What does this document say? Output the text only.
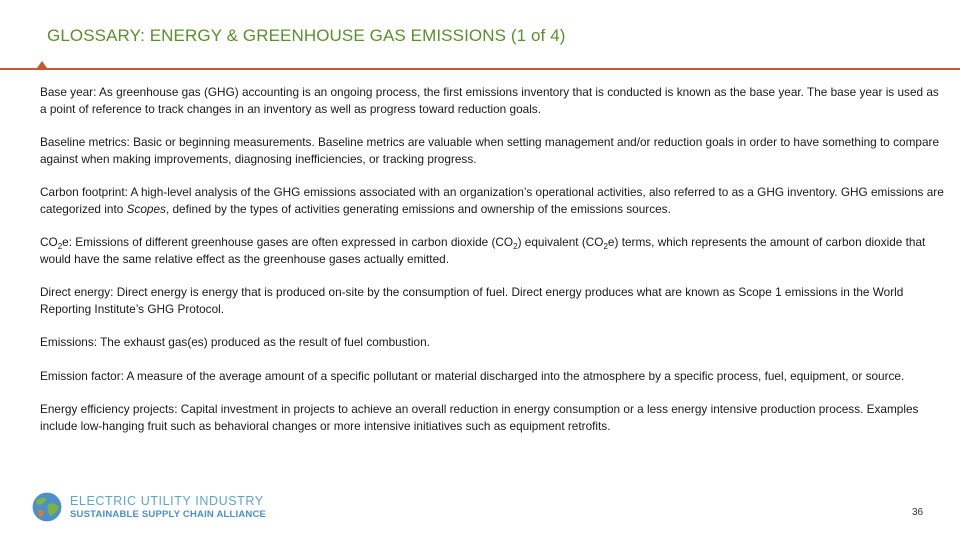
GLOSSARY: ENERGY & GREENHOUSE GAS EMISSIONS (1 of 4)

Base year: As greenhouse gas (GHG) accounting is an ongoing process, the first emissions inventory that is conducted is known as the base year. The base year is used as a point of reference to track changes in an inventory as well as progress toward reduction goals.

Baseline metrics: Basic or beginning measurements. Baseline metrics are valuable when setting management and/or reduction goals in order to have something to compare against when making improvements, diagnosing inefficiencies, or tracking progress.

Carbon footprint: A high-level analysis of the GHG emissions associated with an organization’s operational activities, also referred to as a GHG inventory. GHG emissions are categorized into Scopes, defined by the types of activities generating emissions and ownership of the emissions sources.

$CO_2e$: Emissions of different greenhouse gases are often expressed in carbon dioxide $(CO_2)$ equivalent $(CO_2e)$ terms, which represents the amount of carbon dioxide that would have the same relative effect as the greenhouse gases actually emitted.

Direct energy: Direct energy is energy that is produced on-site by the consumption of fuel. Direct energy produces what are known as Scope 1 emissions in the World Reporting Institute’s GHG Protocol.

Emissions: The exhaust gas(es) produced as the result of fuel combustion.

Emission factor: A measure of the average amount of a specific pollutant or material discharged into the atmosphere by a specific process, fuel, equipment, or source.

Energy efficiency projects: Capital investment in projects to achieve an overall reduction in energy consumption or a less energy intensive production process. Examples include low-hanging fruit such as behavioral changes or more intensive initiatives such as equipment retrofits.

ELECTRIC UTILITY INDUSTRY
SUSTAINABLE SUPPLY CHAIN ALLIANCE	36
